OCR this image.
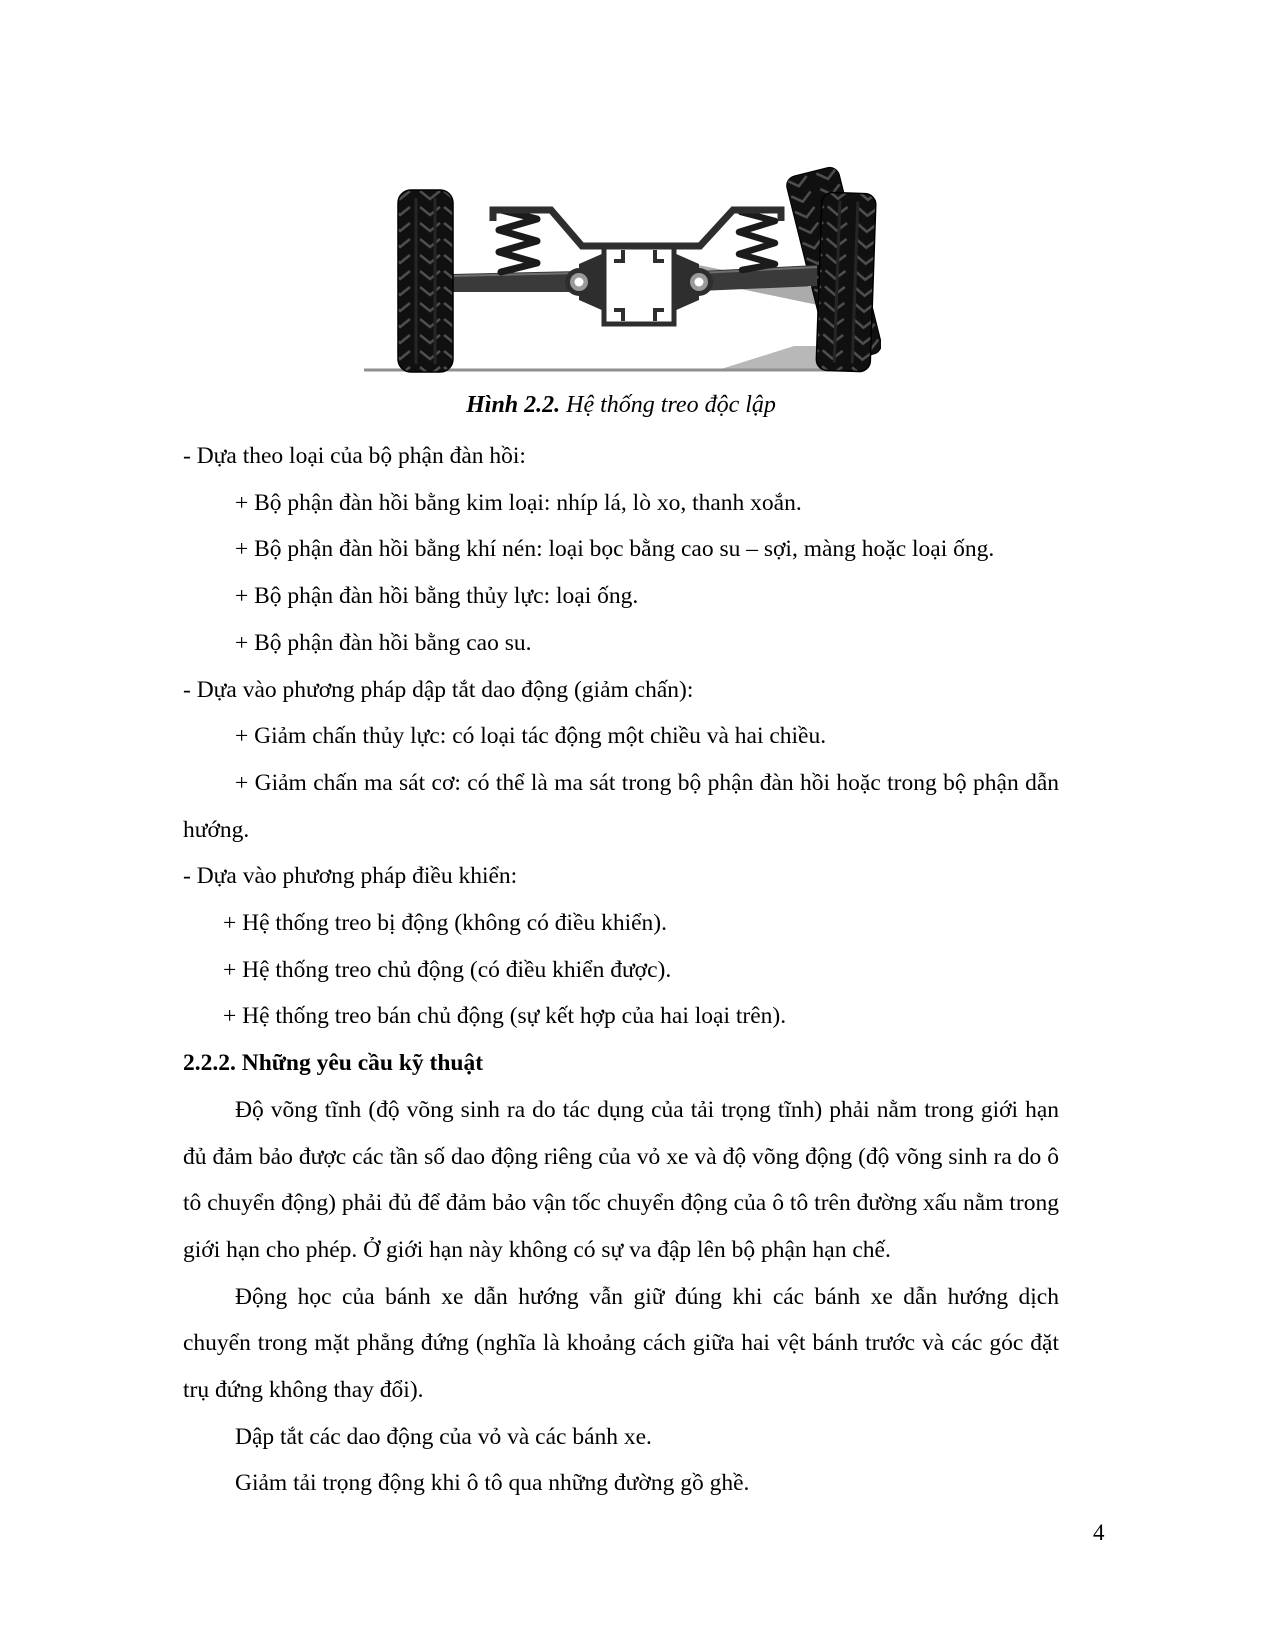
Hình 2.2. Hệ thống treo độc lập

- Dựa theo loại của bộ phận đàn hồi:

+ Bộ phận đàn hồi bằng kim loại: nhíp lá, lò xo, thanh xoắn.

+ Bộ phận đàn hồi bằng khí nén: loại bọc bằng cao su – sợi, màng hoặc loại ống.

+ Bộ phận đàn hồi bằng thủy lực: loại ống.

+ Bộ phận đàn hồi bằng cao su.

- Dựa vào phương pháp dập tắt dao động (giảm chấn):

+ Giảm chấn thủy lực: có loại tác động một chiều và hai chiều.

+ Giảm chấn ma sát cơ: có thể là ma sát trong bộ phận đàn hồi hoặc trong bộ phận dẫn hướng.

- Dựa vào phương pháp điều khiển:

+ Hệ thống treo bị động (không có điều khiển).

+ Hệ thống treo chủ động (có điều khiển được).

+ Hệ thống treo bán chủ động (sự kết hợp của hai loại trên).

2.2.2. Những yêu cầu kỹ thuật

Độ võng tĩnh (độ võng sinh ra do tác dụng của tải trọng tĩnh) phải nằm trong giới hạn đủ đảm bảo được các tần số dao động riêng của vỏ xe và độ võng động (độ võng sinh ra do ô tô chuyển động) phải đủ để đảm bảo vận tốc chuyển động của ô tô trên đường xấu nằm trong giới hạn cho phép. Ở giới hạn này không có sự va đập lên bộ phận hạn chế.

Động học của bánh xe dẫn hướng vẫn giữ đúng khi các bánh xe dẫn hướng dịch chuyển trong mặt phẳng đứng (nghĩa là khoảng cách giữa hai vệt bánh trước và các góc đặt trụ đứng không thay đổi).

Dập tắt các dao động của vỏ và các bánh xe.

Giảm tải trọng động khi ô tô qua những đường gồ ghề.

4
